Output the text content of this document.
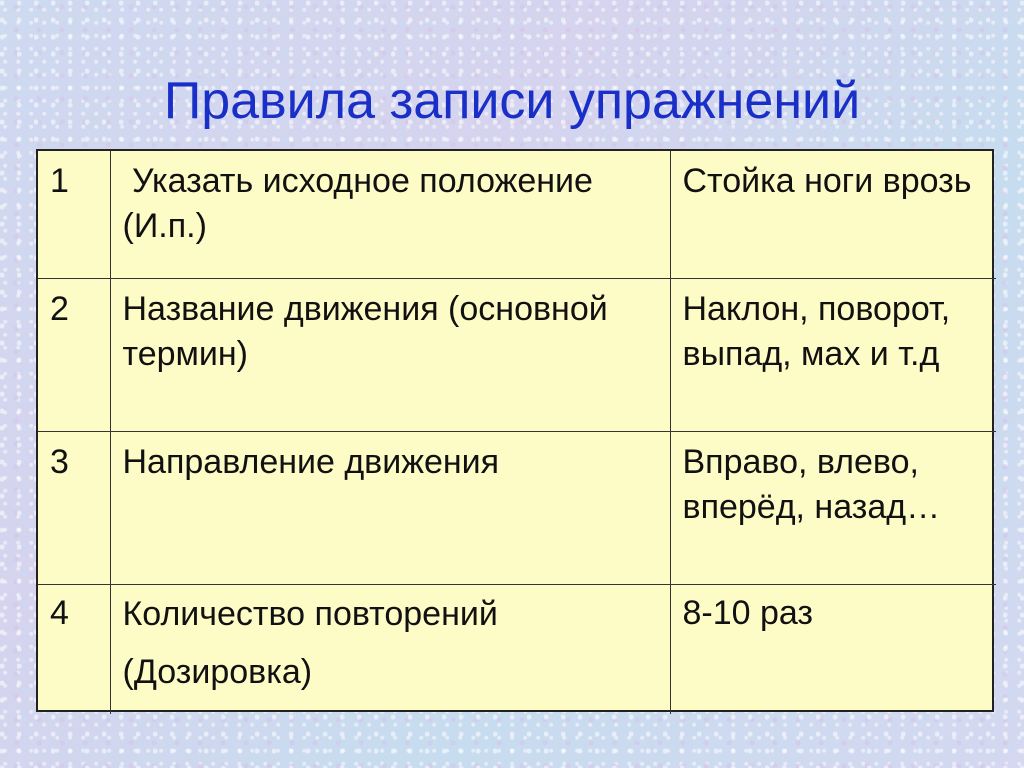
Правила записи упражнений
1	Указать исходное положение (И.п.)	Стойка ноги врозь
2	Название движения (основной термин)	Наклон, поворот, выпад, мах и т.д
3	Направление движения	Вправо, влево, вперёд, назад…
4	Количество повторений (Дозировка)	8-10 раз
